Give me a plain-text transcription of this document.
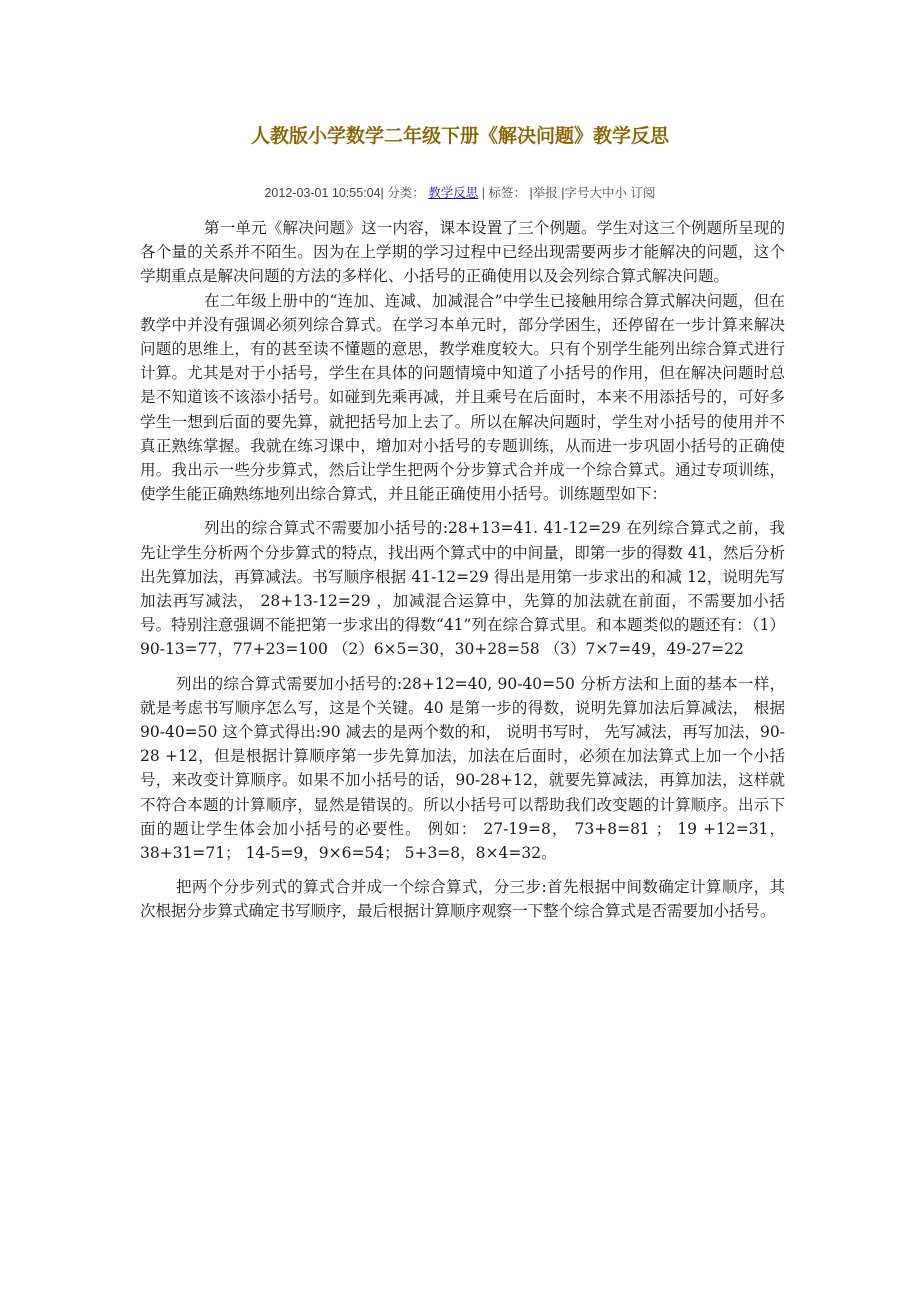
人教版小学数学二年级下册《解决问题》教学反思
2012-03-01 10:55:04| 分类： 教学反思 | 标签： |举报 |字号大中小 订阅

第一单元《解决问题》这一内容，课本设置了三个例题。学生对这三个例题所呈现的各个量的关系并不陌生。因为在上学期的学习过程中已经出现需要两步才能解决的问题，这个学期重点是解决问题的方法的多样化、小括号的正确使用以及会列综合算式解决问题。

在二年级上册中的“连加、连减、加减混合”中学生已接触用综合算式解决问题，但在教学中并没有强调必须列综合算式。在学习本单元时，部分学困生，还停留在一步计算来解决问题的思维上，有的甚至读不懂题的意思，教学难度较大。只有个别学生能列出综合算式进行计算。尤其是对于小括号，学生在具体的问题情境中知道了小括号的作用，但在解决问题时总是不知道该不该添小括号。如碰到先乘再减，并且乘号在后面时，本来不用添括号的，可好多学生一想到后面的要先算，就把括号加上去了。所以在解决问题时，学生对小括号的使用并不真正熟练掌握。我就在练习课中，增加对小括号的专题训练，从而进一步巩固小括号的正确使用。我出示一些分步算式，然后让学生把两个分步算式合并成一个综合算式。通过专项训练，使学生能正确熟练地列出综合算式，并且能正确使用小括号。训练题型如下：

列出的综合算式不需要加小括号的:28+13=41. 41-12=29 在列综合算式之前，我先让学生分析两个分步算式的特点，找出两个算式中的中间量，即第一步的得数 41，然后分析出先算加法，再算减法。书写顺序根据 41-12=29 得出是用第一步求出的和减 12，说明先写加法再写减法， 28+13-12=29 ，加减混合运算中，先算的加法就在前面，不需要加小括号。特别注意强调不能把第一步求出的得数“41”列在综合算式里。和本题类似的题还有：（1）90-13=77，77+23=100 （2）6×5=30，30+28=58 （3）7×7=49，49-27=22

列出的综合算式需要加小括号的:28+12=40, 90-40=50 分析方法和上面的基本一样，就是考虑书写顺序怎么写，这是个关键。40 是第一步的得数，说明先算加法后算减法， 根据 90-40=50 这个算式得出:90 减去的是两个数的和， 说明书写时， 先写减法，再写加法，90-28 +12，但是根据计算顺序第一步先算加法，加法在后面时，必须在加法算式上加一个小括号，来改变计算顺序。如果不加小括号的话，90-28+12，就要先算减法，再算加法，这样就不符合本题的计算顺序，显然是错误的。所以小括号可以帮助我们改变题的计算顺序。出示下面的题让学生体会加小括号的必要性。 例如： 27-19=8， 73+8=81 ； 19 +12=31，38+31=71； 14-5=9，9×6=54； 5+3=8，8×4=32。

把两个分步列式的算式合并成一个综合算式，分三步:首先根据中间数确定计算顺序，其次根据分步算式确定书写顺序，最后根据计算顺序观察一下整个综合算式是否需要加小括号。
